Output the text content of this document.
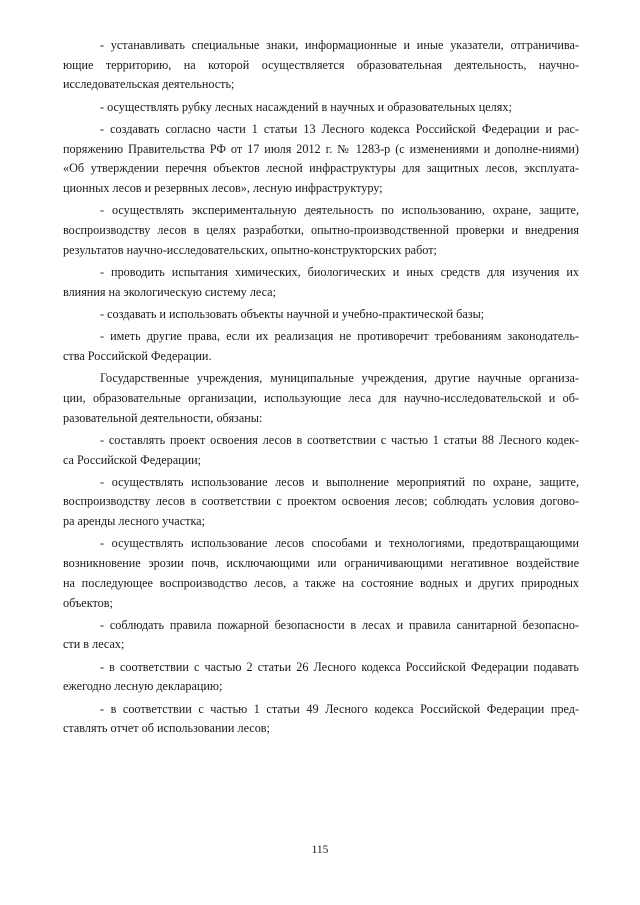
- устанавливать специальные знаки, информационные и иные указатели, отграничива-
ющие территорию, на которой осуществляется образовательная деятельность, научно-
исследовательская деятельность;
- осуществлять рубку лесных насаждений в научных и образовательных целях;
- создавать согласно части 1 статьи 13 Лесного кодекса Российской Федерации и рас-
поряжению Правительства РФ от 17 июля 2012 г. № 1283-р (с изменениями и дополне-ниями)
«Об утверждении перечня объектов лесной инфраструктуры для защитных лесов, эксплуата-
ционных лесов и резервных лесов», лесную инфраструктуру;
- осуществлять экспериментальную деятельность по использованию, охране, защите,
воспроизводству лесов в целях разработки, опытно-производственной проверки и внедрения
результатов научно-исследовательских, опытно-конструкторских работ;
- проводить испытания химических, биологических и иных средств для изучения их
влияния на экологическую систему леса;
- создавать и использовать объекты научной и учебно-практической базы;
- иметь другие права, если их реализация не противоречит требованиям законодатель-
ства Российской Федерации.
Государственные учреждения, муниципальные учреждения, другие научные организа-
ции, образовательные организации, использующие леса для научно-исследовательской и об-
разовательной деятельности, обязаны:
- составлять проект освоения лесов в соответствии с частью 1 статьи 88 Лесного кодек-
са Российской Федерации;
- осуществлять использование лесов и выполнение мероприятий по охране, защите,
воспроизводству лесов в соответствии с проектом освоения лесов; соблюдать условия догово-
ра аренды лесного участка;
- осуществлять использование лесов способами и технологиями, предотвращающими
возникновение эрозии почв, исключающими или ограничивающими негативное воздействие
на последующее воспроизводство лесов, а также на состояние водных и других природных
объектов;
- соблюдать правила пожарной безопасности в лесах и правила санитарной безопасно-
сти в лесах;
- в соответствии с частью 2 статьи 26 Лесного кодекса Российской Федерации подавать
ежегодно лесную декларацию;
- в соответствии с частью 1 статьи 49 Лесного кодекса Российской Федерации пред-
ставлять отчет об использовании лесов;
115
